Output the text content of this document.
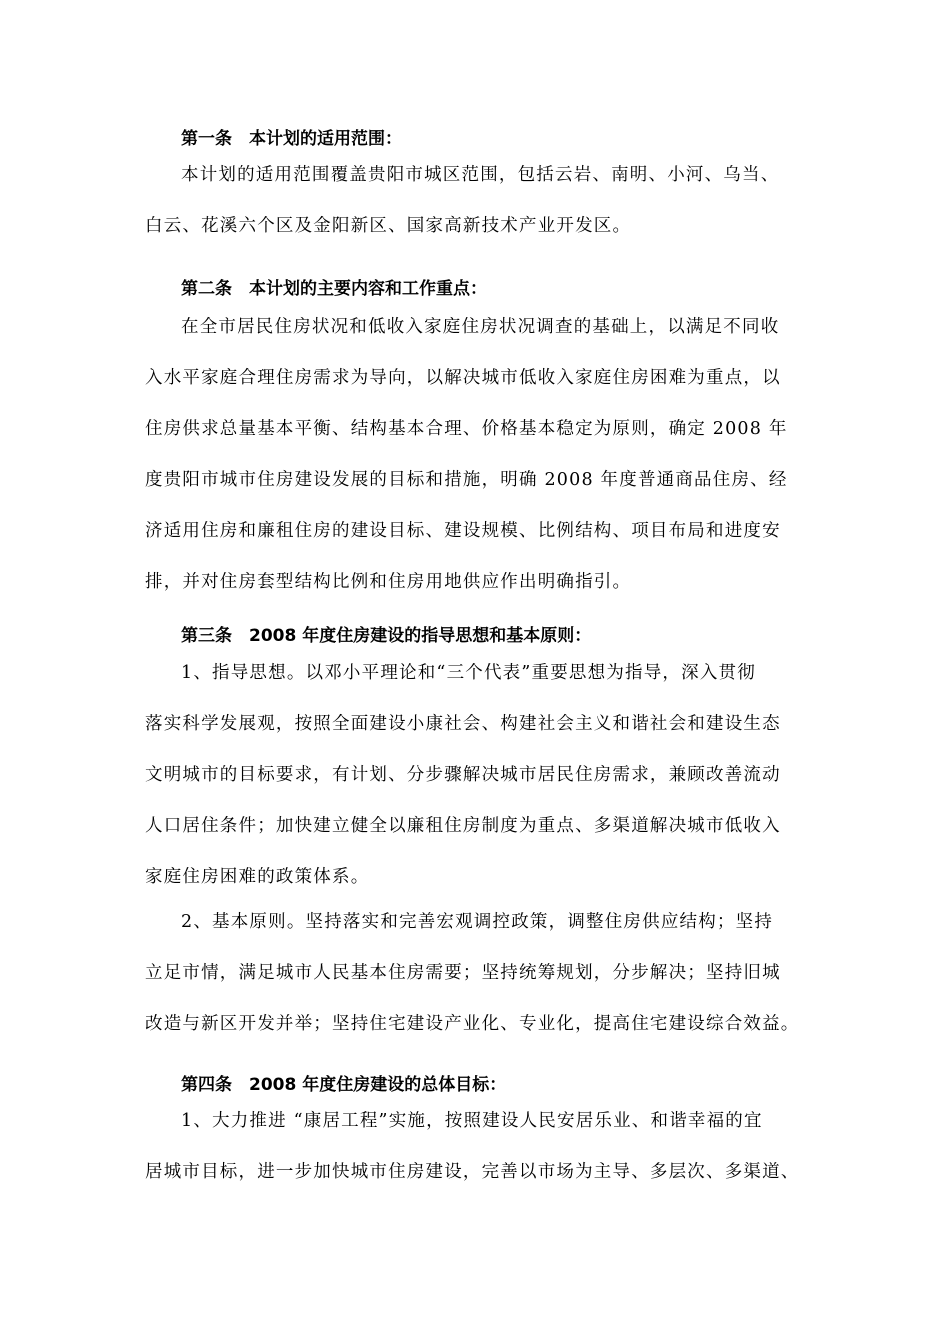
第一条　本计划的适用范围：
本计划的适用范围覆盖贵阳市城区范围，包括云岩、南明、小河、乌当、
白云、花溪六个区及金阳新区、国家高新技术产业开发区。
第二条　本计划的主要内容和工作重点：
在全市居民住房状况和低收入家庭住房状况调查的基础上，以满足不同收
入水平家庭合理住房需求为导向，以解决城市低收入家庭住房困难为重点，以
住房供求总量基本平衡、结构基本合理、价格基本稳定为原则，确定 2008 年
度贵阳市城市住房建设发展的目标和措施，明确 2008 年度普通商品住房、经
济适用住房和廉租住房的建设目标、建设规模、比例结构、项目布局和进度安
排，并对住房套型结构比例和住房用地供应作出明确指引。
第三条　2008 年度住房建设的指导思想和基本原则：
1、指导思想。以邓小平理论和“三个代表”重要思想为指导，深入贯彻
落实科学发展观，按照全面建设小康社会、构建社会主义和谐社会和建设生态
文明城市的目标要求，有计划、分步骤解决城市居民住房需求，兼顾改善流动
人口居住条件；加快建立健全以廉租住房制度为重点、多渠道解决城市低收入
家庭住房困难的政策体系。
2、基本原则。坚持落实和完善宏观调控政策，调整住房供应结构；坚持
立足市情，满足城市人民基本住房需要；坚持统筹规划，分步解决；坚持旧城
改造与新区开发并举；坚持住宅建设产业化、专业化，提高住宅建设综合效益。
第四条　2008 年度住房建设的总体目标：
1、大力推进 “康居工程”实施，按照建设人民安居乐业、和谐幸福的宜
居城市目标，进一步加快城市住房建设，完善以市场为主导、多层次、多渠道、
